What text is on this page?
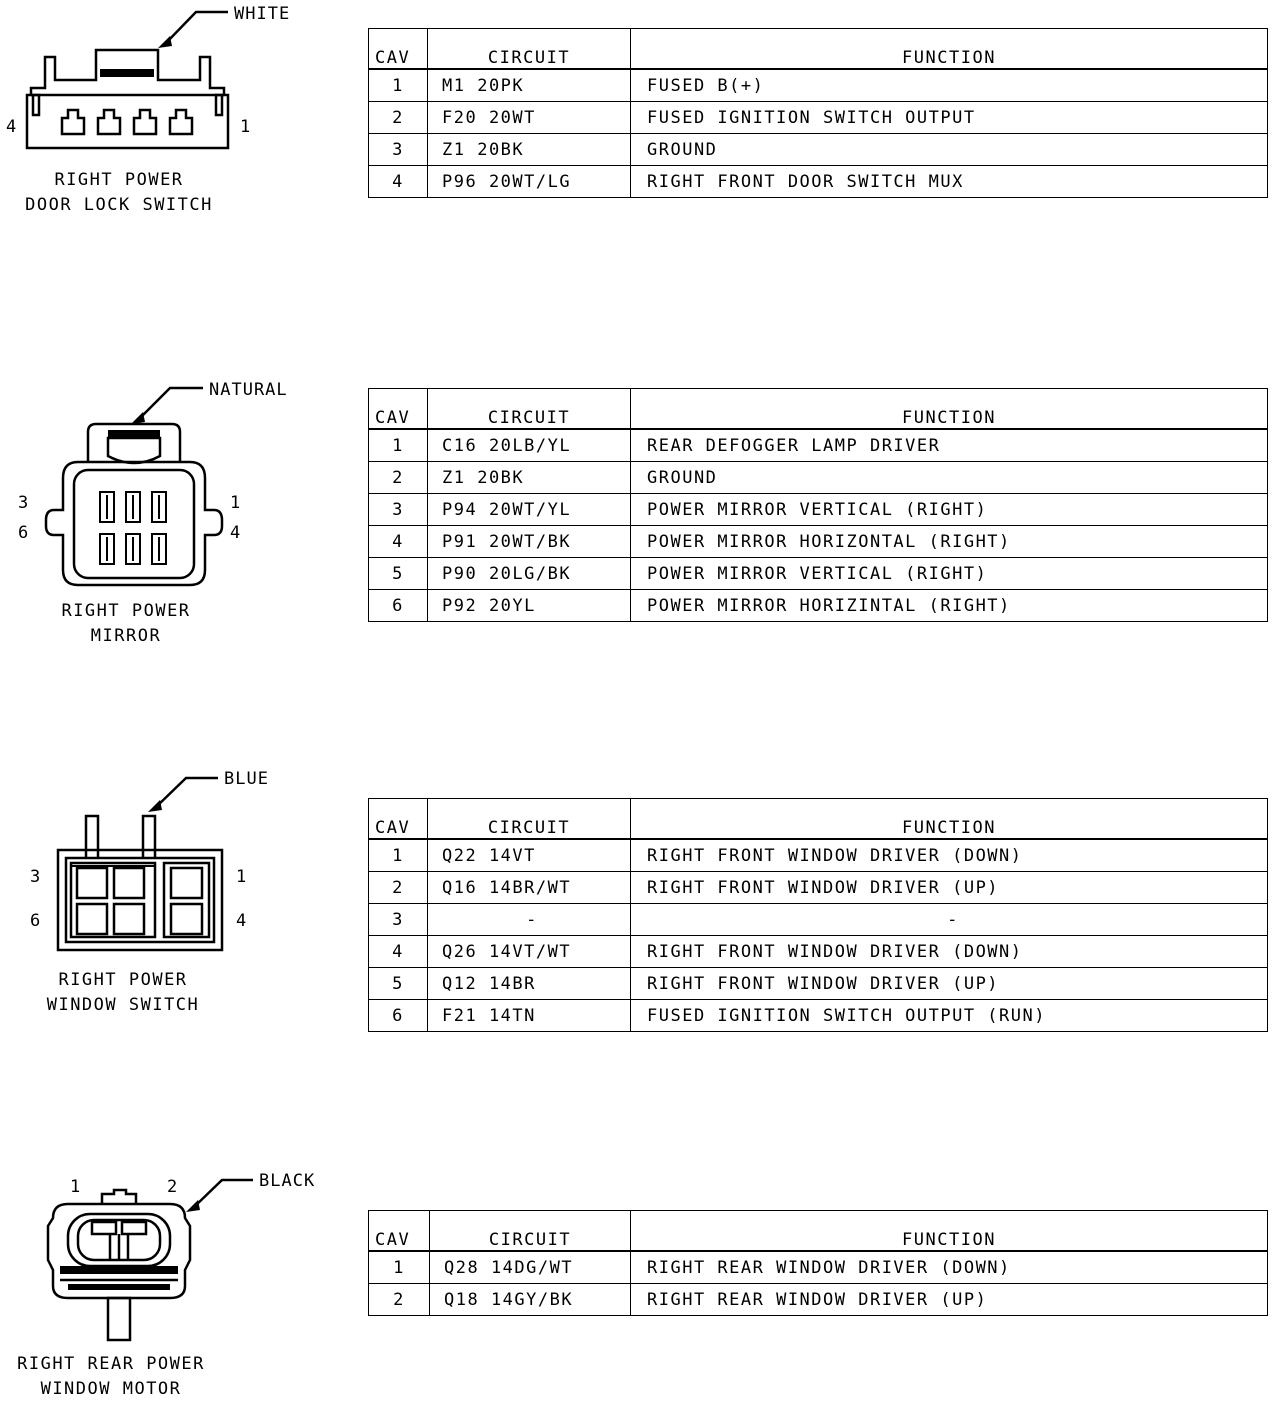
WHITE
4	1
RIGHT POWER
DOOR LOCK SWITCH
CAV	CIRCUIT	FUNCTION
1	M1 20PK	FUSED B(+)
2	F20 20WT	FUSED IGNITION SWITCH OUTPUT
3	Z1 20BK	GROUND
4	P96 20WT/LG	RIGHT FRONT DOOR SWITCH MUX
NATURAL
3
6
1
4
RIGHT POWER
MIRROR
CAV	CIRCUIT	FUNCTION
1	C16 20LB/YL	REAR DEFOGGER LAMP DRIVER
2	Z1 20BK	GROUND
3	P94 20WT/YL	POWER MIRROR VERTICAL (RIGHT)
4	P91 20WT/BK	POWER MIRROR HORIZONTAL (RIGHT)
5	P90 20LG/BK	POWER MIRROR VERTICAL (RIGHT)
6	P92 20YL	POWER MIRROR HORIZINTAL (RIGHT)
BLUE
3
6
1
4
RIGHT POWER
WINDOW SWITCH
CAV	CIRCUIT	FUNCTION
1	Q22 14VT	RIGHT FRONT WINDOW DRIVER (DOWN)
2	Q16 14BR/WT	RIGHT FRONT WINDOW DRIVER (UP)
3	-	-
4	Q26 14VT/WT	RIGHT FRONT WINDOW DRIVER (DOWN)
5	Q12 14BR	RIGHT FRONT WINDOW DRIVER (UP)
6	F21 14TN	FUSED IGNITION SWITCH OUTPUT (RUN)
BLACK
1	2
RIGHT REAR POWER
WINDOW MOTOR
CAV	CIRCUIT	FUNCTION
1	Q28 14DG/WT	RIGHT REAR WINDOW DRIVER (DOWN)
2	Q18 14GY/BK	RIGHT REAR WINDOW DRIVER (UP)
